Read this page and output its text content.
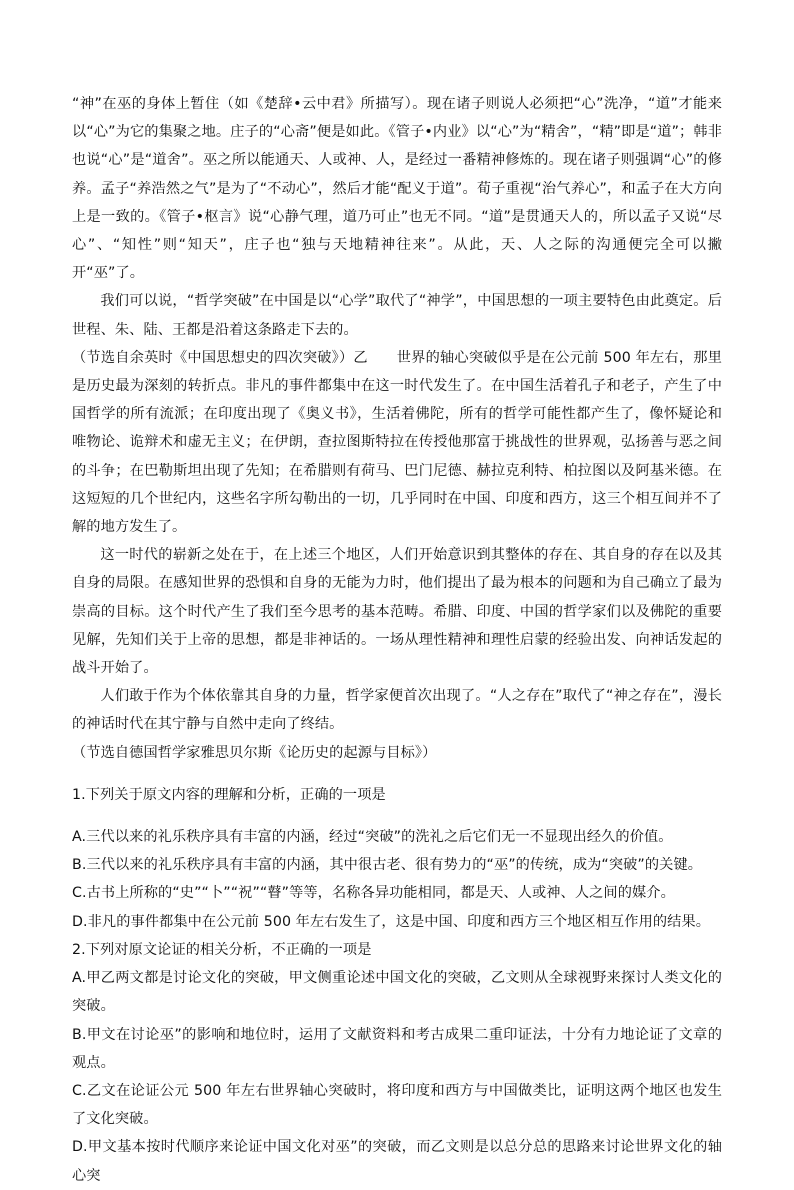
“神”在巫的身体上暂住（如《楚辞•云中君》所描写）。现在诸子则说人必须把“心”洗净，“道”才能来以“心”为它的集聚之地。庄子的“心斋”便是如此。《管子•内业》以“心”为“精舍”，“精”即是“道”；韩非也说“心”是“道舍”。巫之所以能通天、人或神、人，是经过一番精神修炼的。现在诸子则强调“心”的修养。孟子“养浩然之气”是为了“不动心”，然后才能“配义于道”。荀子重视“治气养心”，和孟子在大方向上是一致的。《管子•枢言》说“心静气理，道乃可止”也无不同。“道”是贯通天人的，所以孟子又说“尽心”、“知性”则“知天”，庄子也“独与天地精神往来”。从此，天、人之际的沟通便完全可以撇开“巫”了。

我们可以说，“哲学突破”在中国是以“心学”取代了“神学”，中国思想的一项主要特色由此奠定。后世程、朱、陆、王都是沿着这条路走下去的。

（节选自余英时《中国思想史的四次突破》）乙　　世界的轴心突破似乎是在公元前 500 年左右，那里是历史最为深刻的转折点。非凡的事件都集中在这一时代发生了。在中国生活着孔子和老子，产生了中国哲学的所有流派；在印度出现了《奥义书》，生活着佛陀，所有的哲学可能性都产生了，像怀疑论和唯物论、诡辩术和虚无主义；在伊朗，查拉图斯特拉在传授他那富于挑战性的世界观，弘扬善与恶之间的斗争；在巴勒斯坦出现了先知；在希腊则有荷马、巴门尼德、赫拉克利特、柏拉图以及阿基米德。在这短短的几个世纪内，这些名字所勾勒出的一切，几乎同时在中国、印度和西方，这三个相互间并不了解的地方发生了。

这一时代的崭新之处在于，在上述三个地区，人们开始意识到其整体的存在、其自身的存在以及其自身的局限。在感知世界的恐惧和自身的无能为力时，他们提出了最为根本的问题和为自己确立了最为崇高的目标。这个时代产生了我们至今思考的基本范畴。希腊、印度、中国的哲学家们以及佛陀的重要见解，先知们关于上帝的思想，都是非神话的。一场从理性精神和理性启蒙的经验出发、向神话发起的战斗开始了。

人们敢于作为个体依靠其自身的力量，哲学家便首次出现了。“人之存在”取代了“神之存在”，漫长的神话时代在其宁静与自然中走向了终结。

（节选自德国哲学家雅思贝尔斯《论历史的起源与目标》）

1.下列关于原文内容的理解和分析，正确的一项是

A.三代以来的礼乐秩序具有丰富的内涵，经过“突破”的洗礼之后它们无一不显现出经久的价值。

B.三代以来的礼乐秩序具有丰富的内涵，其中很古老、很有势力的“巫”的传统，成为“突破”的关键。

C.古书上所称的“史”“卜”“祝”“瞽”等等，名称各异功能相同，都是天、人或神、人之间的媒介。

D.非凡的事件都集中在公元前 500 年左右发生了，这是中国、印度和西方三个地区相互作用的结果。

2.下列对原文论证的相关分析，不正确的一项是

A.甲乙两文都是讨论文化的突破，甲文侧重论述中国文化的突破，乙文则从全球视野来探讨人类文化的突破。

B.甲文在讨论巫”的影响和地位时，运用了文献资料和考古成果二重印证法，十分有力地论证了文章的观点。

C.乙文在论证公元 500 年左右世界轴心突破时，将印度和西方与中国做类比，证明这两个地区也发生了文化突破。

D.甲文基本按时代顺序来论证中国文化对巫”的突破，而乙文则是以总分总的思路来讨论世界文化的轴心突
